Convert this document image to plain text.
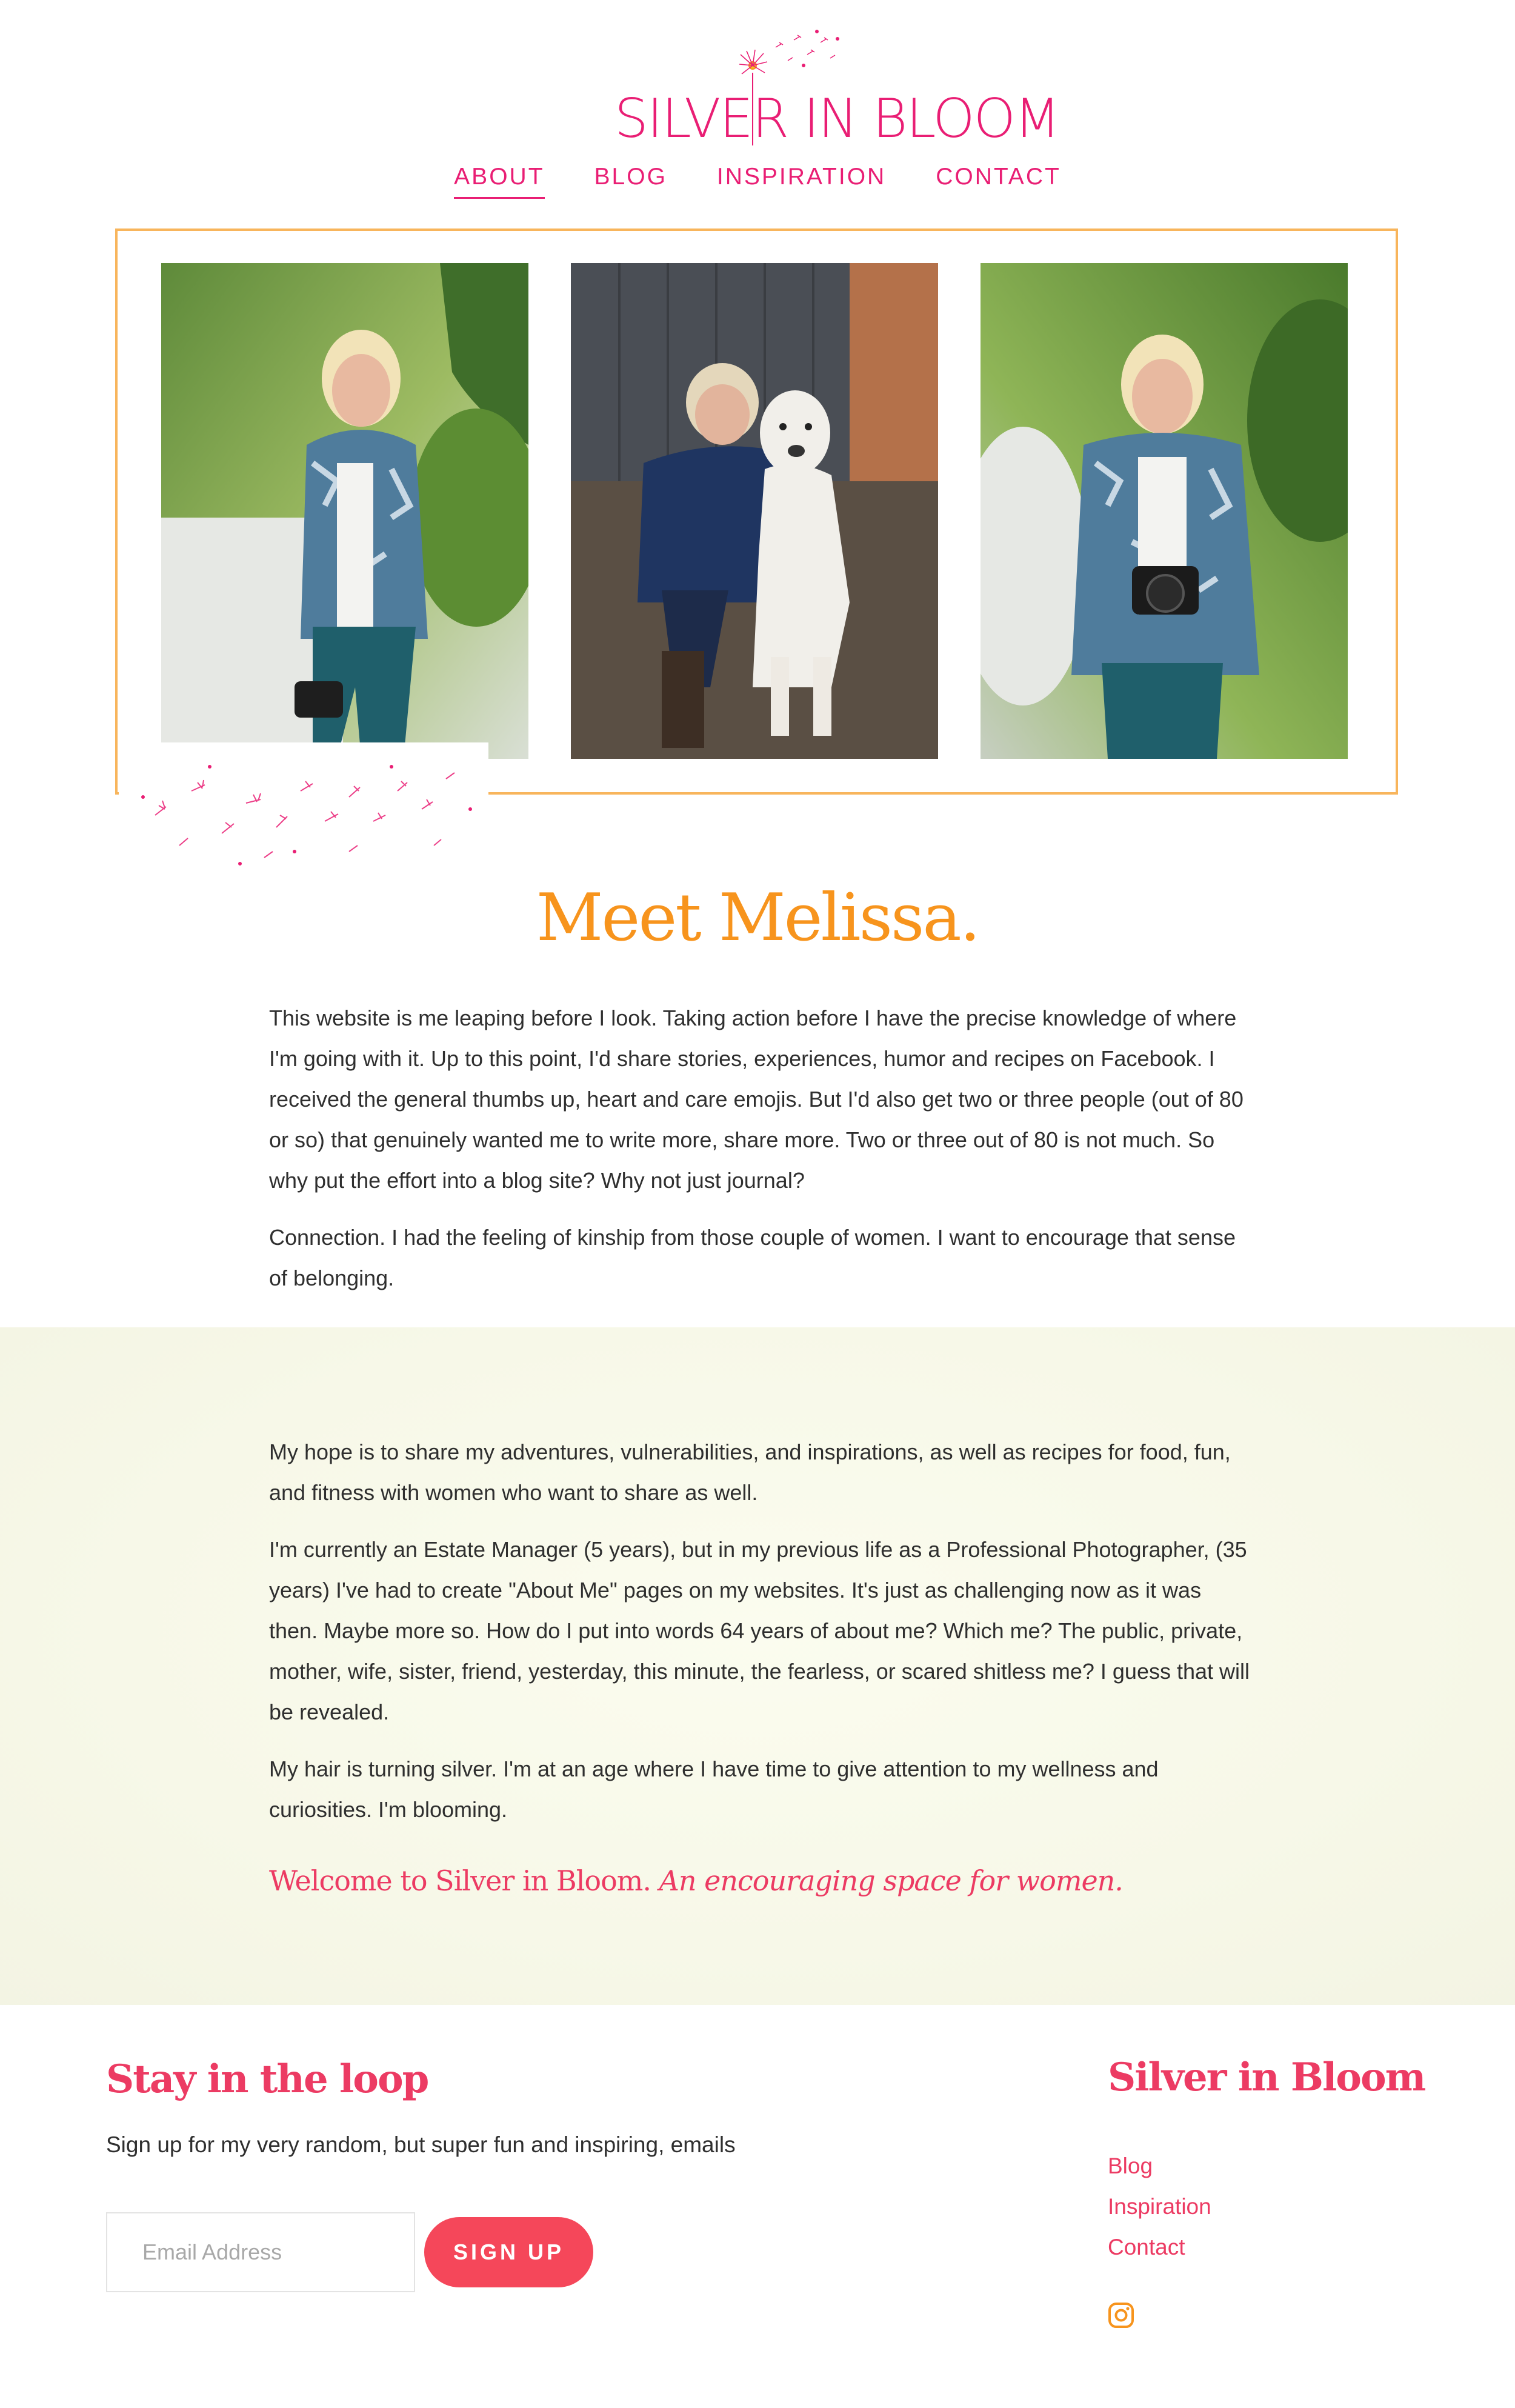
SILVER IN BLOOM
ABOUT BLOG INSPIRATION CONTACT
Meet Melissa.

This website is me leaping before I look. Taking action before I have the precise knowledge of where I'm going with it. Up to this point, I'd share stories, experiences, humor and recipes on Facebook. I received the general thumbs up, heart and care emojis. But I'd also get two or three people (out of 80 or so) that genuinely wanted me to write more, share more. Two or three out of 80 is not much. So why put the effort into a blog site? Why not just journal?

Connection. I had the feeling of kinship from those couple of women. I want to encourage that sense of belonging.

My hope is to share my adventures, vulnerabilities, and inspirations, as well as recipes for food, fun, and fitness with women who want to share as well.

I'm currently an Estate Manager (5 years), but in my previous life as a Professional Photographer, (35 years) I've had to create "About Me" pages on my websites. It's just as challenging now as it was then. Maybe more so. How do I put into words 64 years of about me? Which me? The public, private, mother, wife, sister, friend, yesterday, this minute, the fearless, or scared shitless me? I guess that will be revealed.

My hair is turning silver. I'm at an age where I have time to give attention to my wellness and curiosities. I'm blooming.

Welcome to Silver in Bloom. An encouraging space for women.
Stay in the loop

Sign up for my very random, but super fun and inspiring, emails

Email Address
SIGN UP
Silver in Bloom
Blog
Inspiration
Contact
